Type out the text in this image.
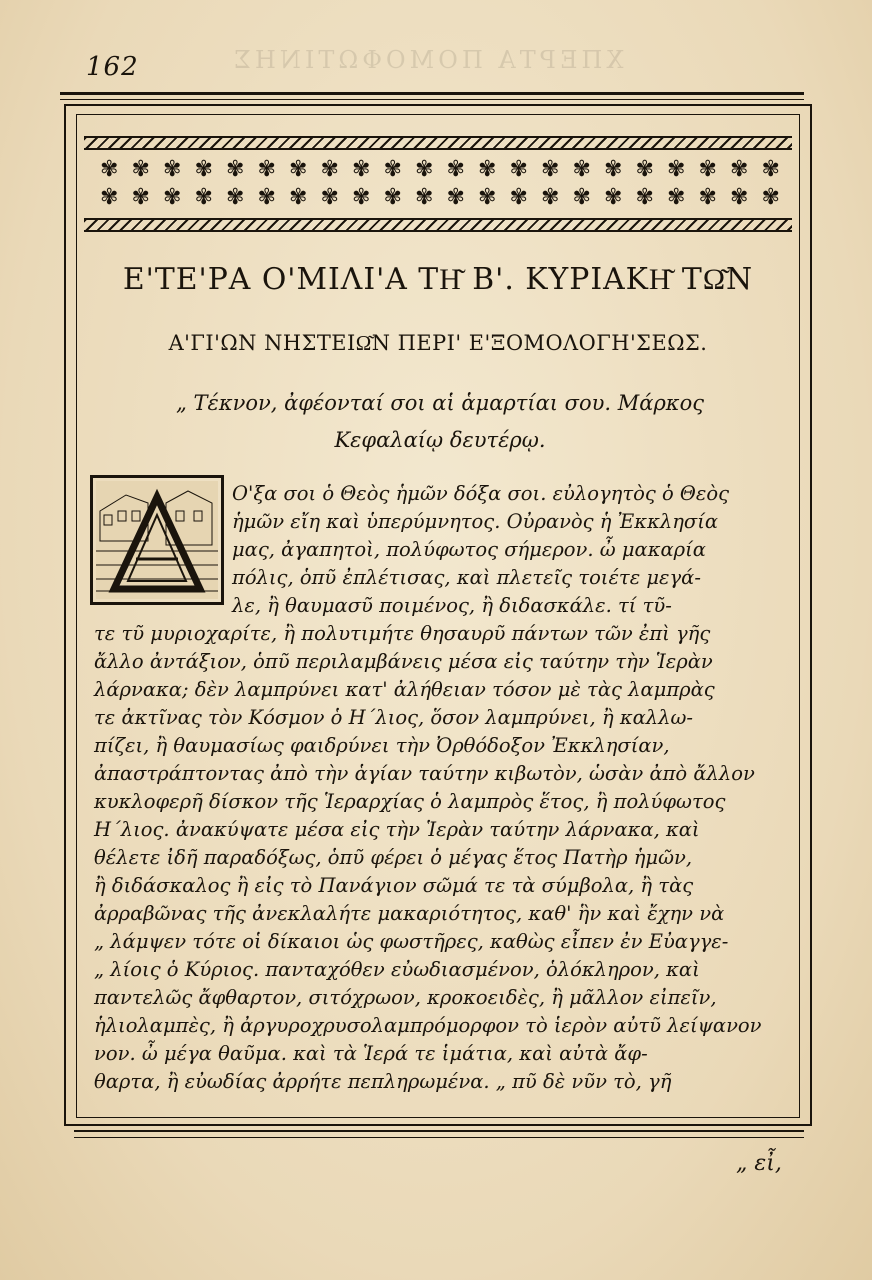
ΧΠΕΡΤΑ ΠΟΜΟΦΩΤΙΝΗΣ
162
✾ ✾ ✾ ✾ ✾ ✾ ✾ ✾ ✾ ✾ ✾ ✾ ✾ ✾ ✾ ✾ ✾ ✾ ✾ ✾ ✾ ✾
✾ ✾ ✾ ✾ ✾ ✾ ✾ ✾ ✾ ✾ ✾ ✾ ✾ ✾ ✾ ✾ ✾ ✾ ✾ ✾ ✾ ✾
Ε'ΤΕ'ΡΑ Ο'ΜΙΛΙ'Α ΤΗ͂ Β'. ΚΥΡΙΑΚΗ͂ ΤΩ͂Ν
Α'ΓΙ'ΩΝ ΝΗΣΤΕΙΩ͂Ν ΠΕΡΙ' Ε'ΞΟΜΟΛΟΓΗ'ΣΕΩΣ.
„ Τέκνον, ἀφέονταί σοι αἱ ἁμαρτίαι σου. Μάρκος
Κεφαλαίῳ δευτέρῳ.
Ο'ξα σοι ὁ Θεὸς ἡμῶν δόξα σοι. εὐλογητὸς ὁ Θεὸς
ἡμῶν εἴη καὶ ὑπερύμνητος. Οὐρανὸς ἡ Ἐκκλησία
μας, ἀγαπητοὶ, πολύφωτος σήμερον. ὦ μακαρία
πόλις, ὁπῦ ἐπλέτισας, καὶ πλετεῖς τοιέτε μεγά-
λε, ἢ θαυμασῦ ποιμένος, ἢ διδασκάλε. τί τῦ-
τε τῦ μυριοχαρίτε, ἢ πολυτιμήτε θησαυρῦ πάντων τῶν ἐπὶ γῆς
ἄλλο ἀντάξιον, ὁπῦ περιλαμβάνεις μέσα εἰς ταύτην τὴν Ἱερὰν
λάρνακα; δὲν λαμπρύνει κατ' ἀλήθειαν τόσον μὲ τὰς λαμπρὰς
τε ἀκτῖνας τὸν Κόσμον ὁ Η΄λιος, ὅσον λαμπρύνει, ἢ καλλω-
πίζει, ἢ θαυμασίως φαιδρύνει τὴν Ὀρθόδοξον Ἐκκλησίαν,
ἀπαστράπτοντας ἀπὸ τὴν ἁγίαν ταύτην κιβωτὸν, ὡσὰν ἀπὸ ἄλλον
κυκλοφερῆ δίσκον τῆς Ἱεραρχίας ὁ λαμπρὸς ἕτος, ἢ πολύφωτος
Η΄λιος. ἀνακύψατε μέσα εἰς τὴν Ἱερὰν ταύτην λάρνακα, καὶ
θέλετε ἰδῆ παραδόξως, ὁπῦ φέρει ὁ μέγας ἕτος Πατὴρ ἡμῶν,
ἢ διδάσκαλος ἢ εἰς τὸ Πανάγιον σῶμά τε τὰ σύμβολα, ἢ τὰς
ἀρραβῶνας τῆς ἀνεκλαλήτε μακαριότητος, καθ' ἣν καὶ ἔχην νὰ
„ λάμψεν τότε οἱ δίκαιοι ὡς φωστῆρες, καθὼς εἶπεν ἐν Εὐαγγε-
„ λίοις ὁ Κύριος. πανταχόθεν εὐωδιασμένον, ὁλόκληρον, καὶ
παντελῶς ἄφθαρτον, σιτόχρωον, κροκοειδὲς, ἢ μᾶλλον εἰπεῖν,
ἡλιολαμπὲς, ἢ ἀργυροχρυσολαμπρόμορφον τὸ ἱερὸν αὐτῦ λείψανον
νον. ὦ μέγα θαῦμα. καὶ τὰ Ἱερά τε ἱμάτια, καὶ αὐτὰ ἄφ-
θαρτα, ἢ εὐωδίας ἀρρήτε πεπληρωμένα. „ πῦ δὲ νῦν τὸ, γῆ
„ εἶ,
